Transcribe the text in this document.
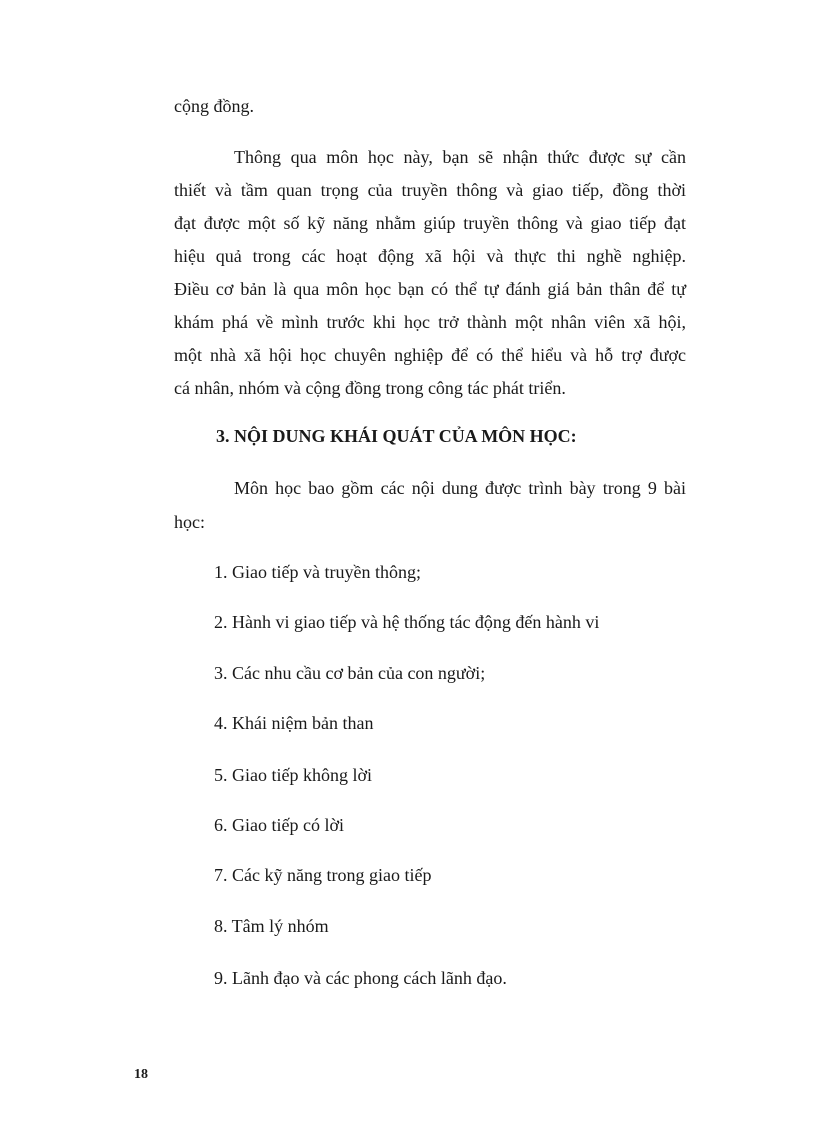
cộng đồng.
Thông qua môn học này, bạn sẽ nhận thức được sự cần
thiết và tầm quan trọng của truyền thông và giao tiếp, đồng thời
đạt được một số kỹ năng nhằm giúp truyền thông và giao tiếp đạt
hiệu quả trong các hoạt động xã hội và thực thi nghề nghiệp.
Điều cơ bản là qua môn học bạn có thể tự đánh giá bản thân để tự
khám phá về mình trước khi học trở thành một nhân viên xã hội,
một nhà xã hội học chuyên nghiệp để có thể hiểu và hỗ trợ được
cá nhân, nhóm và cộng đồng trong công tác phát triển.
3. NỘI DUNG KHÁI QUÁT CỦA MÔN HỌC:
Môn học bao gồm các nội dung được trình bày trong 9 bài
học:
1. Giao tiếp và truyền thông;
2. Hành vi giao tiếp và hệ thống tác động đến hành vi
3. Các nhu cầu cơ bản của con người;
4. Khái niệm bản than
5. Giao tiếp không lời
6. Giao tiếp có lời
7. Các kỹ năng trong giao tiếp
8. Tâm lý nhóm
9. Lãnh đạo và các phong cách lãnh đạo.
18
